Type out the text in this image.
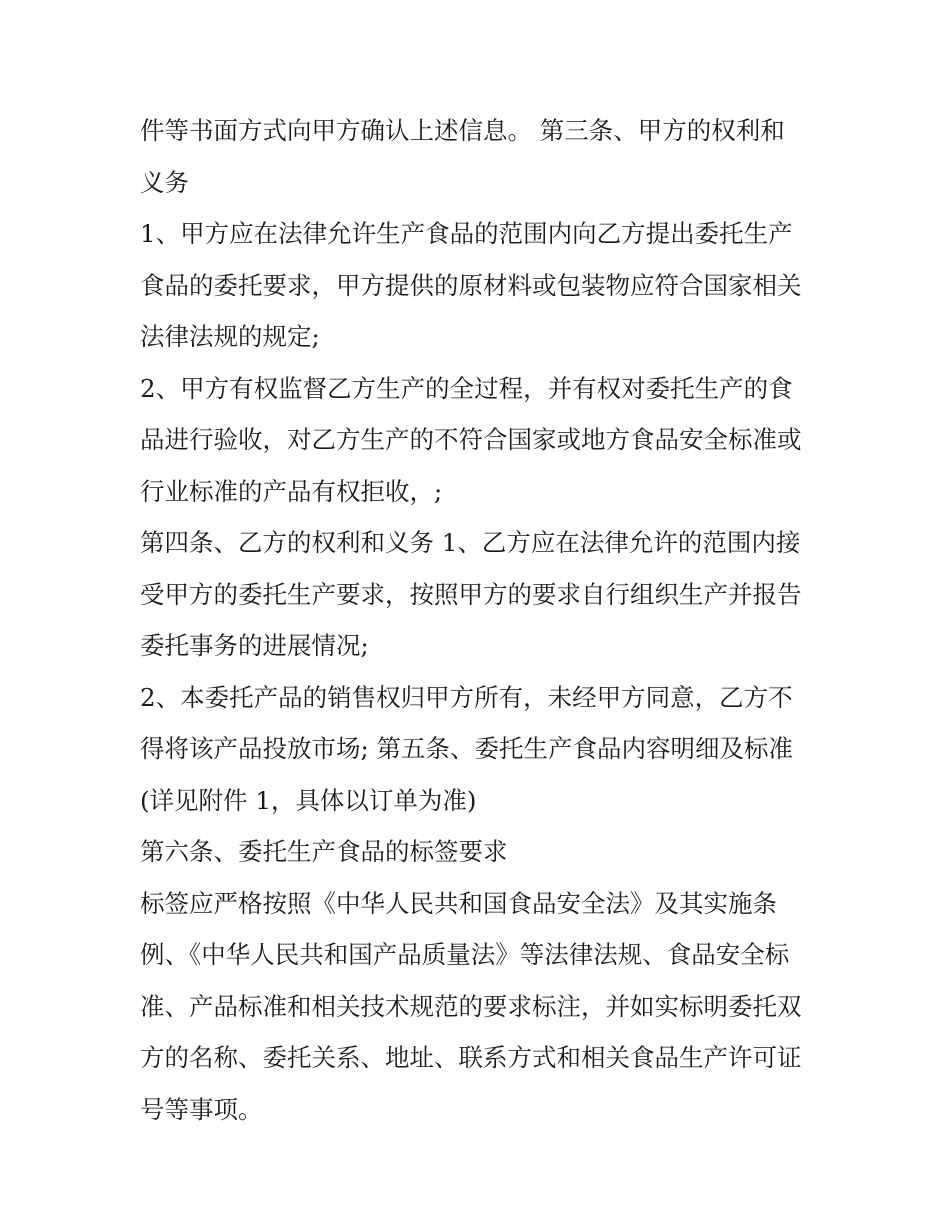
件等书面方式向甲方确认上述信息。 第三条、甲方的权利和
义务
1、甲方应在法律允许生产食品的范围内向乙方提出委托生产
食品的委托要求，甲方提供的原材料或包装物应符合国家相关
法律法规的规定;
2、甲方有权监督乙方生产的全过程，并有权对委托生产的食
品进行验收，对乙方生产的不符合国家或地方食品安全标准或
行业标准的产品有权拒收，;
第四条、乙方的权利和义务 1、乙方应在法律允许的范围内接
受甲方的委托生产要求，按照甲方的要求自行组织生产并报告
委托事务的进展情况;
2、本委托产品的销售权归甲方所有，未经甲方同意，乙方不
得将该产品投放市场; 第五条、委托生产食品内容明细及标准
(详见附件 1，具体以订单为准)
第六条、委托生产食品的标签要求
标签应严格按照《中华人民共和国食品安全法》及其实施条
例、《中华人民共和国产品质量法》等法律法规、食品安全标
准、产品标准和相关技术规范的要求标注，并如实标明委托双
方的名称、委托关系、地址、联系方式和相关食品生产许可证
号等事项。
